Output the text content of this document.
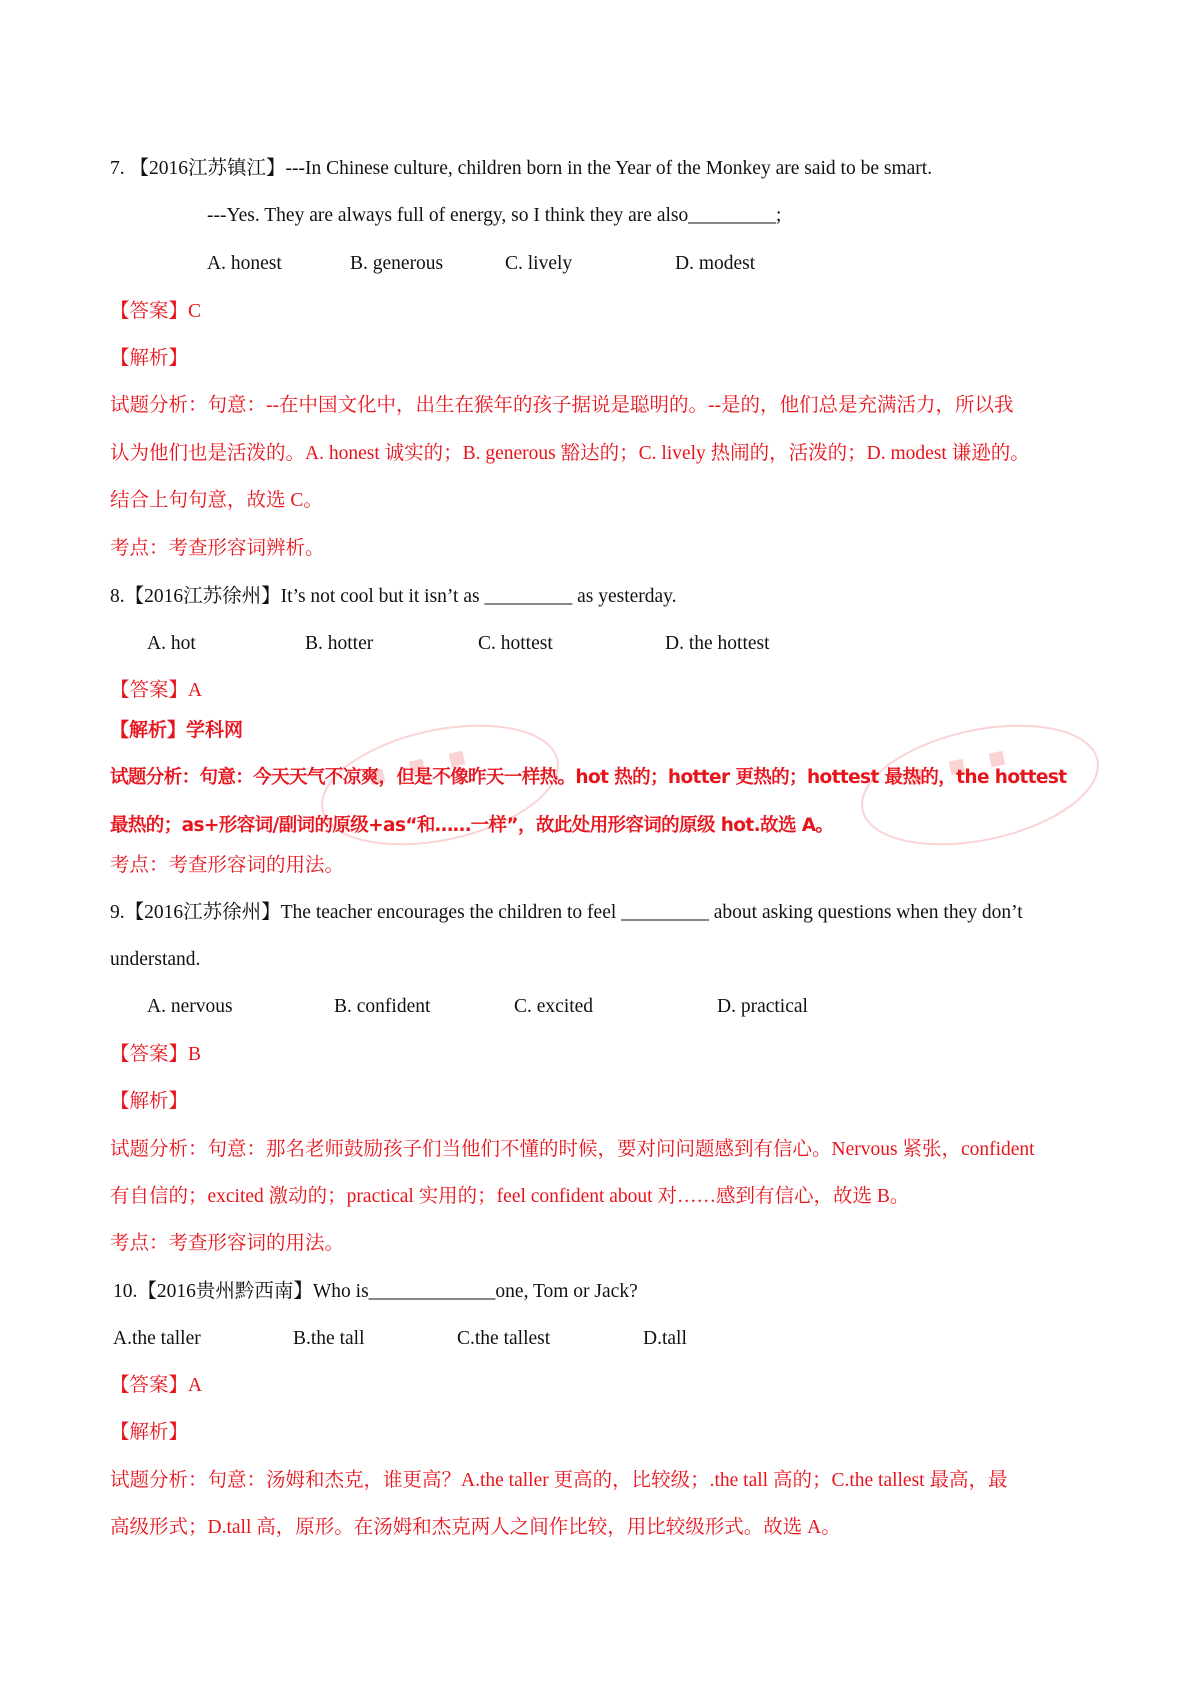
7. 【2016江苏镇江】---In Chinese culture, children born in the Year of the Monkey are said to be smart.
---Yes. They are always full of energy, so I think they are also_________;
A. honest	B. generous	C. lively	D. modest
【答案】C
【解析】
试题分析：句意：--在中国文化中，出生在猴年的孩子据说是聪明的。--是的，他们总是充满活力，所以我
认为他们也是活泼的。A. honest 诚实的；B. generous 豁达的；C. lively 热闹的，活泼的；D. modest 谦逊的。
结合上句句意，故选 C。
考点：考查形容词辨析。
8.【2016江苏徐州】It’s not cool but it isn’t as _________ as yesterday.
A. hot	B. hotter	C. hottest	D. the hottest
【答案】A
【解析】学科网
试题分析：句意：今天天气不凉爽，但是不像昨天一样热。hot 热的；hotter 更热的；hottest 最热的，the hottest
最热的；as+形容词/副词的原级+as“和……一样”，故此处用形容词的原级 hot.故选 A。
考点：考查形容词的用法。
9.【2016江苏徐州】The teacher encourages the children to feel _________ about asking questions when they don’t
understand.
A. nervous	B. confident	C. excited	D. practical
【答案】B
【解析】
试题分析：句意：那名老师鼓励孩子们当他们不懂的时候，要对问问题感到有信心。Nervous 紧张，confident
有自信的；excited 激动的；practical 实用的；feel confident about 对……感到有信心，故选 B。
考点：考查形容词的用法。
10.【2016贵州黔西南】Who is_____________one, Tom or Jack?
A.the taller	B.the tall	C.the tallest	D.tall
【答案】A
【解析】
试题分析：句意：汤姆和杰克，谁更高？A.the taller 更高的，比较级；.the tall 高的；C.the tallest 最高，最
高级形式；D.tall 高，原形。在汤姆和杰克两人之间作比较，用比较级形式。故选 A。
